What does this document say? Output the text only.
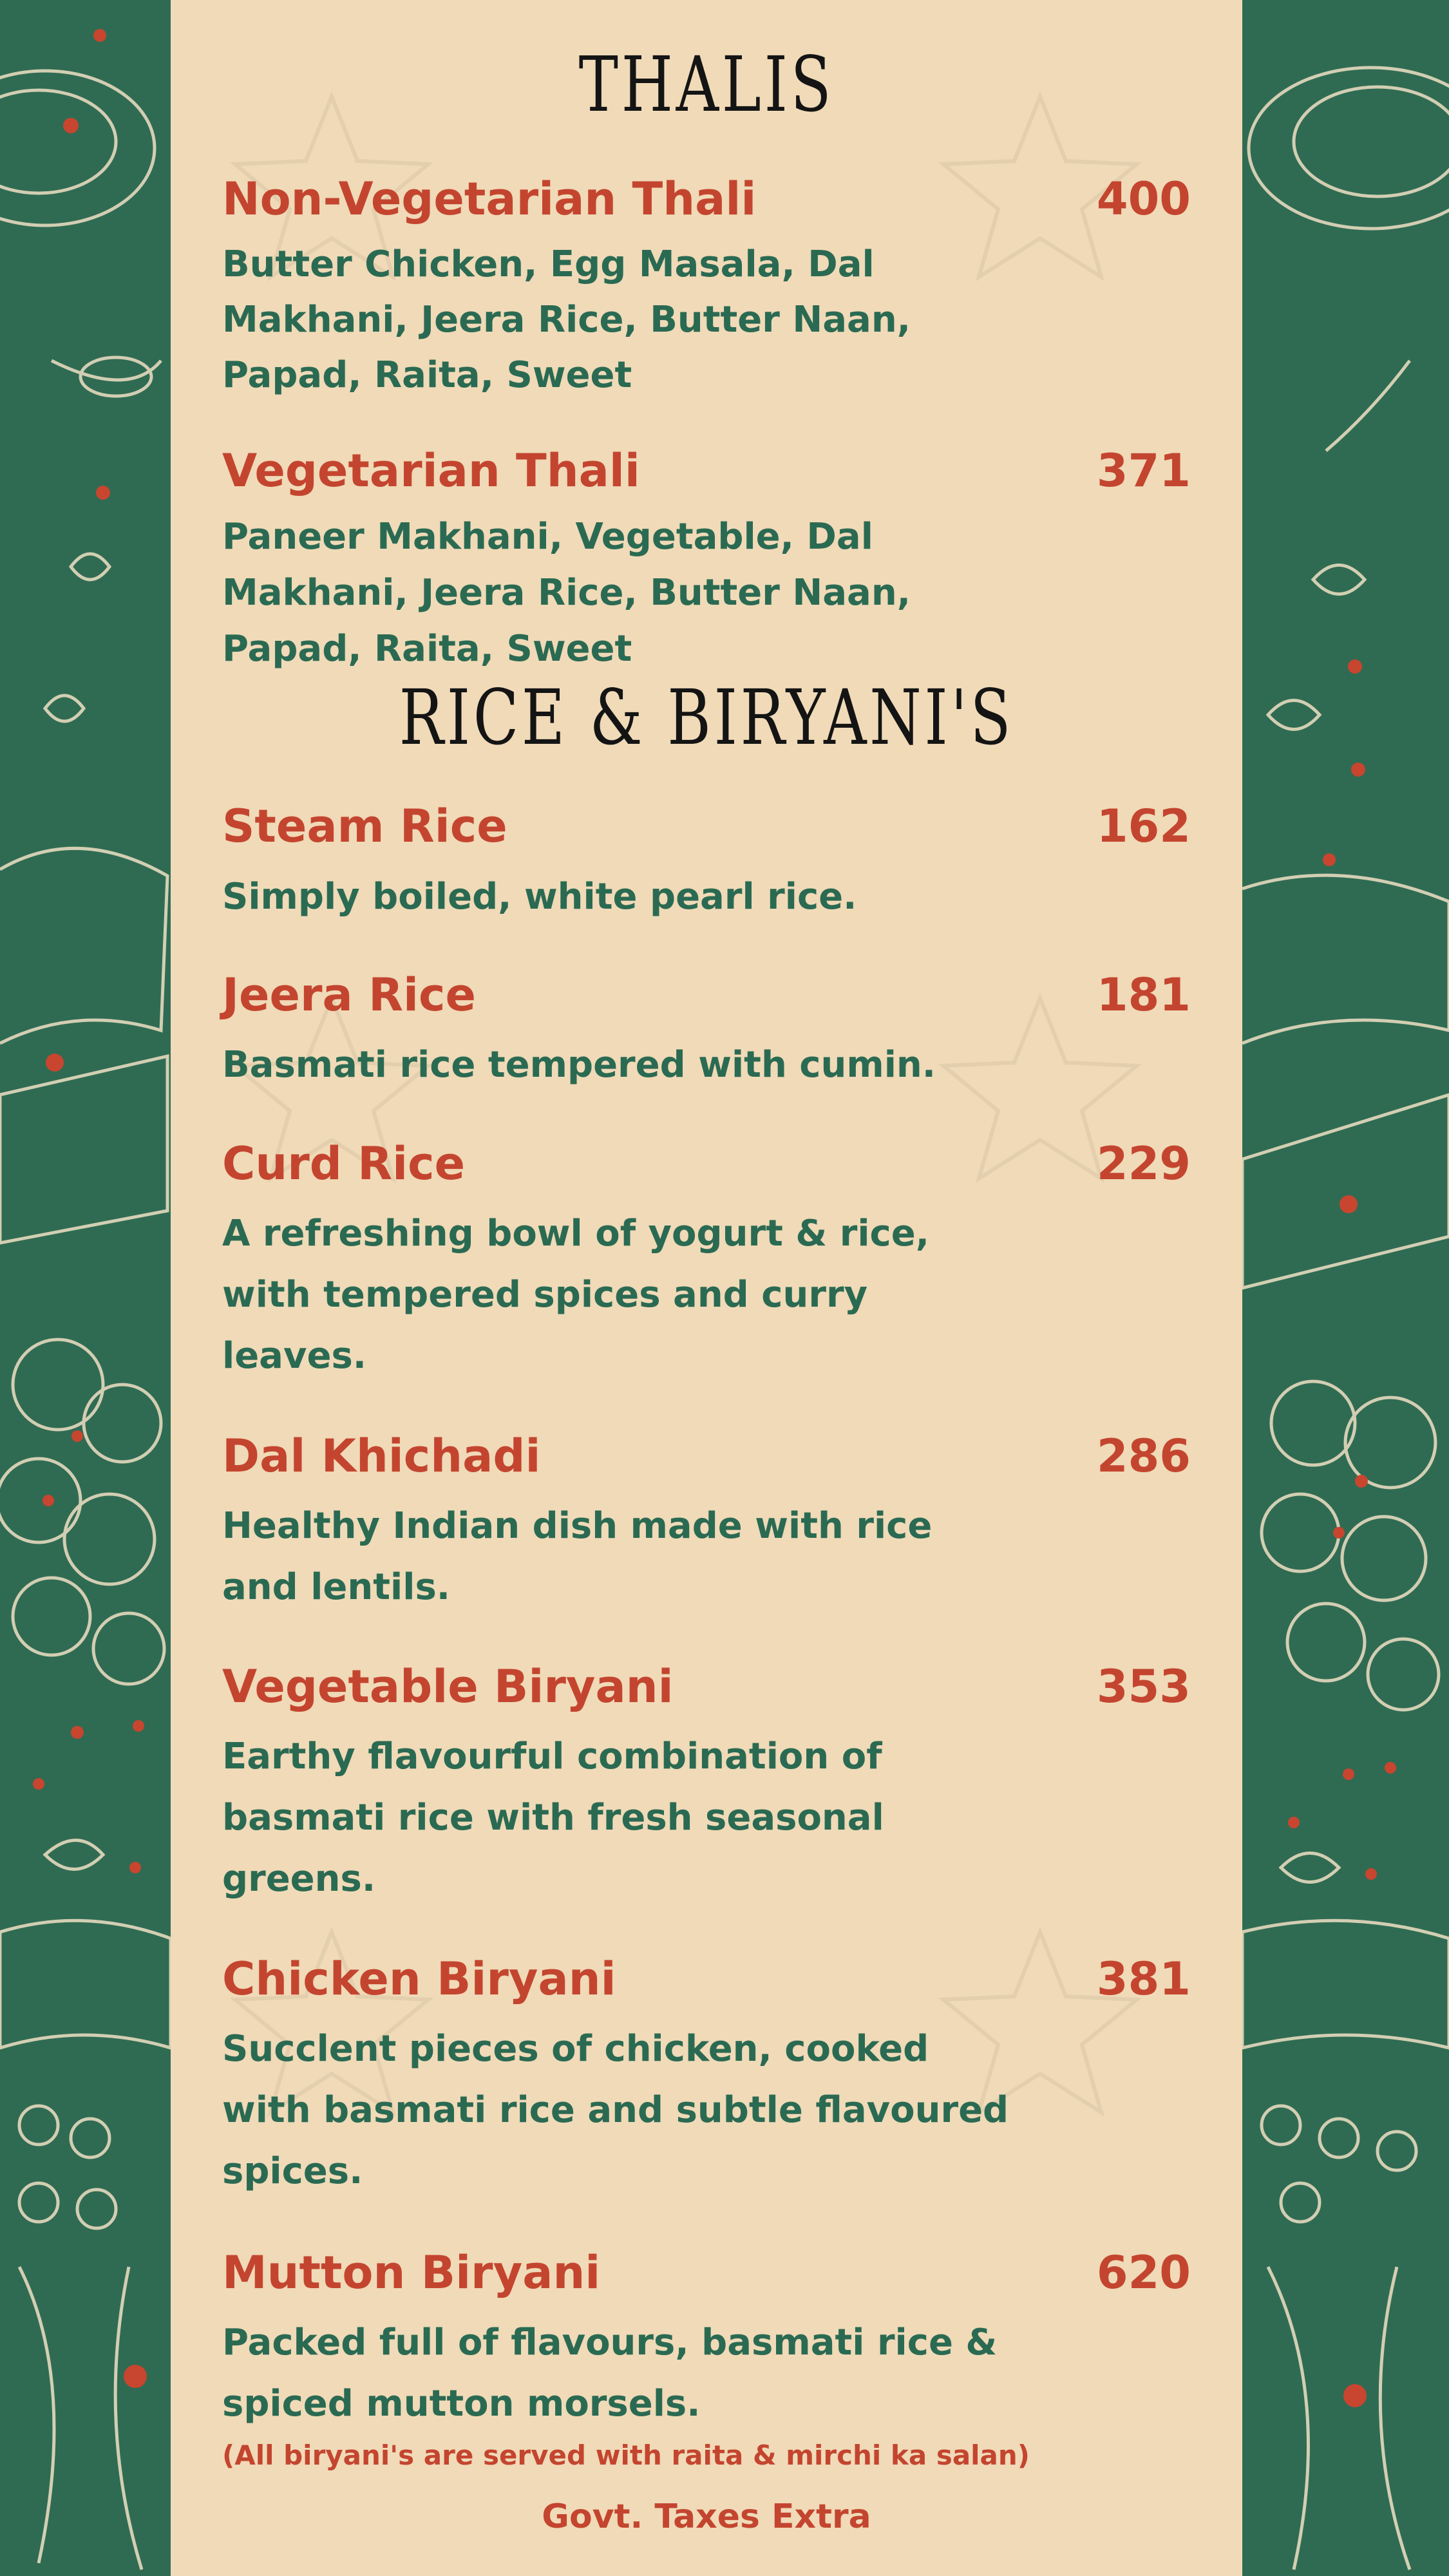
THALIS
Non-Vegetarian Thali	400
Butter Chicken, Egg Masala, Dal Makhani, Jeera Rice, Butter Naan, Papad, Raita, Sweet
Vegetarian Thali	371
Paneer Makhani, Vegetable, Dal Makhani, Jeera Rice, Butter Naan, Papad, Raita, Sweet
RICE & BIRYANI'S
Steam Rice	162
Simply boiled, white pearl rice.
Jeera Rice	181
Basmati rice tempered with cumin.
Curd Rice	229
A refreshing bowl of yogurt & rice, with tempered spices and curry leaves.
Dal Khichadi	286
Healthy Indian dish made with rice and lentils.
Vegetable Biryani	353
Earthy flavourful combination of basmati rice with fresh seasonal greens.
Chicken Biryani	381
Succlent pieces of chicken, cooked with basmati rice and subtle flavoured spices.
Mutton Biryani	620
Packed full of flavours, basmati rice & spiced mutton morsels.
(All biryani's are served with raita & mirchi ka salan)
Govt. Taxes Extra
